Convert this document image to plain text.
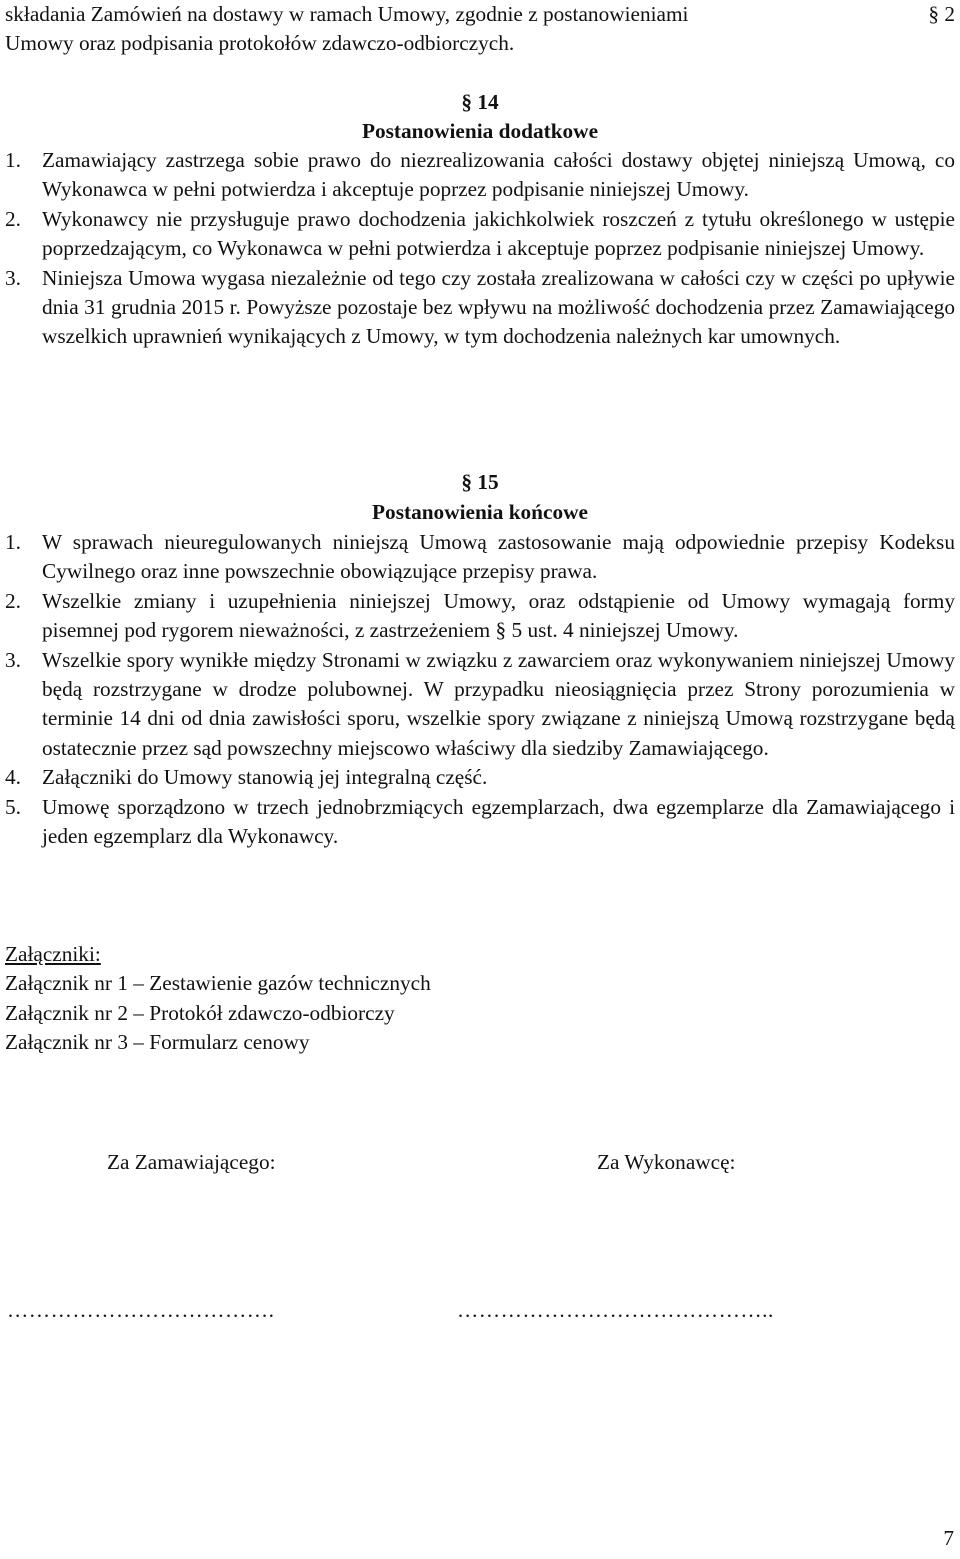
składania Zamówień na dostawy w ramach Umowy, zgodnie z postanowieniami	§ 2
Umowy oraz podpisania protokołów zdawczo-odbiorczych.
§ 14
Postanowienia dodatkowe
1. Zamawiający zastrzega sobie prawo do niezrealizowania całości dostawy objętej niniejszą Umową, co Wykonawca w pełni potwierdza i akceptuje poprzez podpisanie niniejszej Umowy.
2. Wykonawcy nie przysługuje prawo dochodzenia jakichkolwiek roszczeń z tytułu określonego w ustępie poprzedzającym, co Wykonawca w pełni potwierdza i akceptuje poprzez podpisanie niniejszej Umowy.
3. Niniejsza Umowa wygasa niezależnie od tego czy została zrealizowana w całości czy w części po upływie dnia 31 grudnia 2015 r. Powyższe pozostaje bez wpływu na możliwość dochodzenia przez Zamawiającego wszelkich uprawnień wynikających z Umowy, w tym dochodzenia należnych kar umownych.
§ 15
Postanowienia końcowe
1. W sprawach nieuregulowanych niniejszą Umową zastosowanie mają odpowiednie przepisy Kodeksu Cywilnego oraz inne powszechnie obowiązujące przepisy prawa.
2. Wszelkie zmiany i uzupełnienia niniejszej Umowy, oraz odstąpienie od Umowy wymagają formy pisemnej pod rygorem nieważności, z zastrzeżeniem § 5 ust. 4 niniejszej Umowy.
3. Wszelkie spory wynikłe między Stronami w związku z zawarciem oraz wykonywaniem niniejszej Umowy będą rozstrzygane w drodze polubownej. W przypadku nieosiągnięcia przez Strony porozumienia w terminie 14 dni od dnia zawisłości sporu, wszelkie spory związane z niniejszą Umową rozstrzygane będą ostatecznie przez sąd powszechny miejscowo właściwy dla siedziby Zamawiającego.
4. Załączniki do Umowy stanowią jej integralną część.
5. Umowę sporządzono w trzech jednobrzmiących egzemplarzach, dwa egzemplarze dla Zamawiającego i jeden egzemplarz dla Wykonawcy.
Załączniki:
Załącznik nr 1 – Zestawienie gazów technicznych
Załącznik nr 2 – Protokół zdawczo-odbiorczy
Załącznik nr 3 – Formularz cenowy
Za Zamawiającego:	Za Wykonawcę:
……………………………….	……………………………………..
7
